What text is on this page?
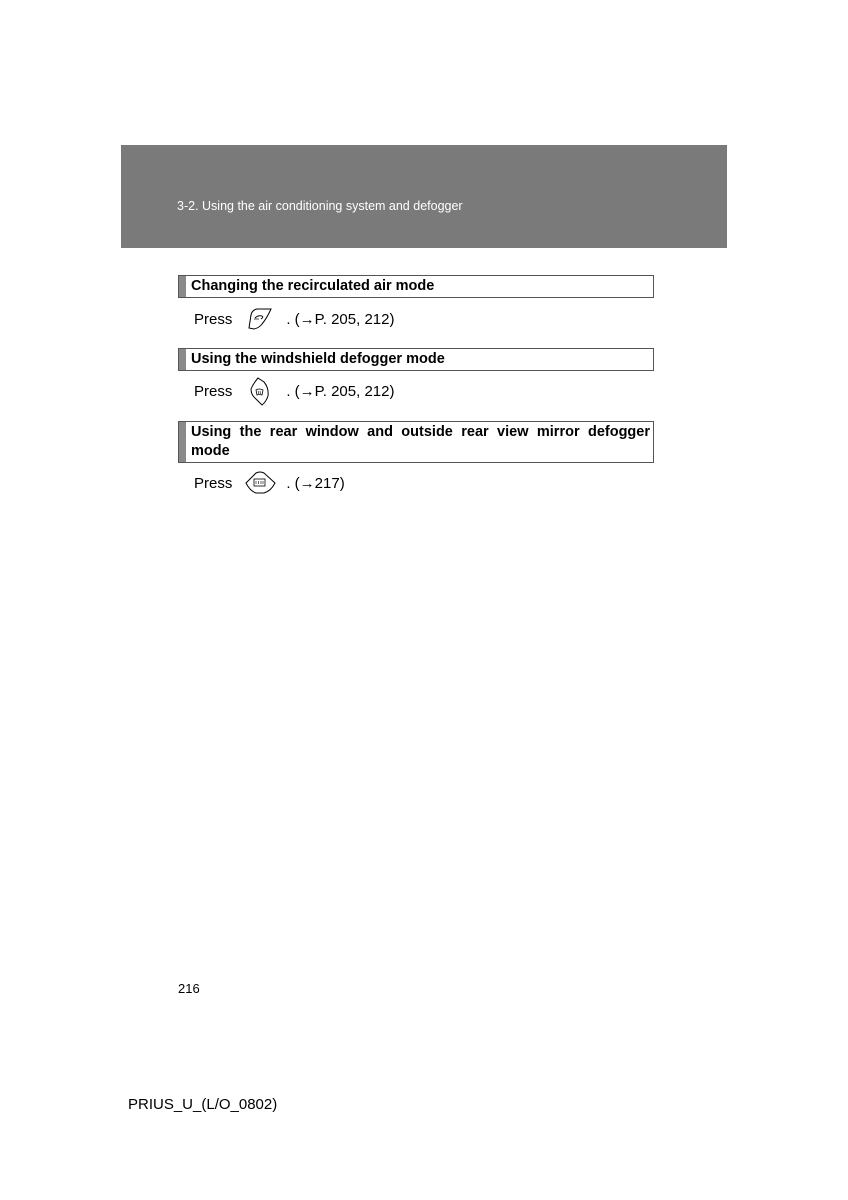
3-2. Using the air conditioning system and defogger
Changing the recirculated air mode
Press	. (→P. 205, 212)
Using the windshield defogger mode
Press	. (→P. 205, 212)
Using the rear window and outside rear view mirror defogger mode
Press	. (→217)
216
PRIUS_U_(L/O_0802)
